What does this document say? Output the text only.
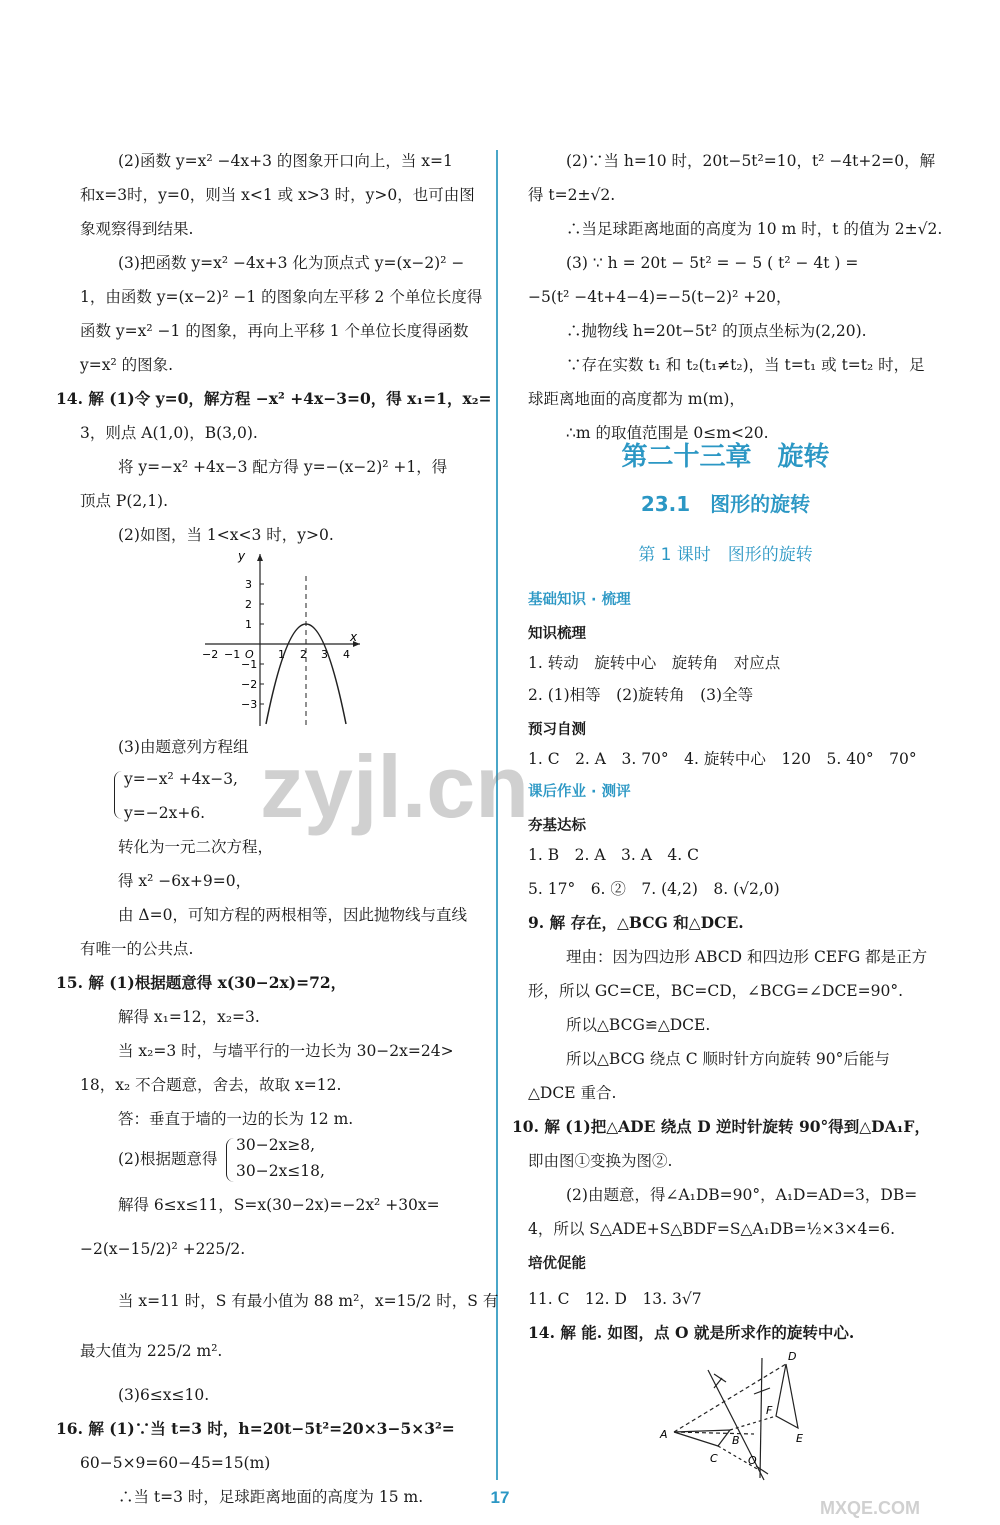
(2)函数 y=x² −4x+3 的图象开口向上，当 x=1
和x=3时，y=0，则当 x<1 或 x>3 时，y>0，也可由图
象观察得到结果.
(3)把函数 y=x² −4x+3 化为顶点式 y=(x−2)² −
1，由函数 y=(x−2)² −1 的图象向左平移 2 个单位长度得
函数 y=x² −1 的图象，再向上平移 1 个单位长度得函数
y=x² 的图象.
14. 解 (1)令 y=0，解方程 −x² +4x−3=0，得 x₁=1，x₂=
3，则点 A(1,0)，B(3,0).
将 y=−x² +4x−3 配方得 y=−(x−2)² +1，得
顶点 P(2,1).
(2)如图，当 1<x<3 时，y>0.
x
y
−2 −1 O 1 2 3 4
3
2
1
−1
−2
−3
(3)由题意列方程组
y=−x² +4x−3,
y=−2x+6.
转化为一元二次方程，
得 x² −6x+9=0，
由 Δ=0，可知方程的两根相等，因此抛物线与直线
有唯一的公共点.
15. 解 (1)根据题意得 x(30−2x)=72，
解得 x₁=12，x₂=3.
当 x₂=3 时，与墙平行的一边长为 30−2x=24>
18，x₂ 不合题意，舍去，故取 x=12.
答：垂直于墙的一边的长为 12 m.
30−2x≥8,
(2)根据题意得
30−2x≤18,
解得 6≤x≤11，S=x(30−2x)=−2x² +30x=
−2(x−15/2)² +225/2.
当 x=11 时，S 有最小值为 88 m²，x=15/2 时，S 有
最大值为 225/2 m².
(3)6≤x≤10.
16. 解 (1)∵当 t=3 时，h=20t−5t²=20×3−5×3²=
60−5×9=60−45=15(m)
∴当 t=3 时，足球距离地面的高度为 15 m.
(2)∵当 h=10 时，20t−5t²=10，t² −4t+2=0，解
得 t=2±√2.
∴当足球距离地面的高度为 10 m 时，t 的值为 2±√2.
(3) ∵ h = 20t − 5t² = − 5 ( t² − 4t ) =
−5(t² −4t+4−4)=−5(t−2)² +20，
∴抛物线 h=20t−5t² 的顶点坐标为(2,20).
∵存在实数 t₁ 和 t₂(t₁≠t₂)，当 t=t₁ 或 t=t₂ 时，足
球距离地面的高度都为 m(m)，
∴m 的取值范围是 0≤m<20.
第二十三章　旋转
23.1　图形的旋转
第 1 课时　图形的旋转
基础知识 · 梳理
知识梳理
1. 转动　旋转中心　旋转角　对应点
2. (1)相等　(2)旋转角　(3)全等
预习自测
1. C　2. A　3. 70°　4. 旋转中心　120　5. 40°　70°
课后作业 · 测评
夯基达标
1. B　2. A　3. A　4. C
5. 17°　6. ②　7. (4,2)　8. (√2,0)
9. 解 存在，△BCG 和△DCE.
理由：因为四边形 ABCD 和四边形 CEFG 都是正方
形，所以 GC=CE，BC=CD，∠BCG=∠DCE=90°.
所以△BCG≌△DCE.
所以△BCG 绕点 C 顺时针方向旋转 90°后能与
△DCE 重合.
10. 解 (1)把△ADE 绕点 D 逆时针旋转 90°得到△DA₁F，
即由图①变换为图②.
(2)由题意，得∠A₁DB=90°，A₁D=AD=3，DB=
4，所以 S△ADE+S△BDF=S△A₁DB=½×3×4=6.
培优促能
11. C　12. D　13. 3√7
14. 解 能. 如图，点 O 就是所求作的旋转中心.
D
F
A	B	E
C	O
17
zyjl.cn
MXQE.COM
